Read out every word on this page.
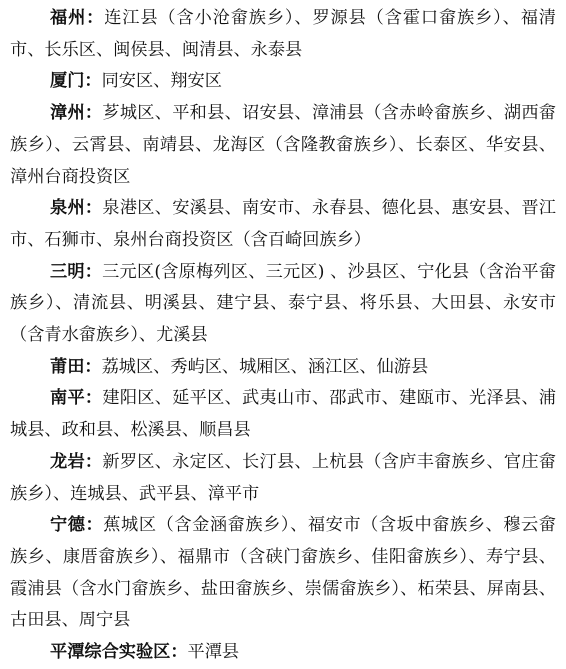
福州：连江县（含小沧畲族乡）、罗源县（含霍口畲族乡）、福清市、长乐区、闽侯县、闽清县、永泰县

厦门：同安区、翔安区

漳州：芗城区、平和县、诏安县、漳浦县（含赤岭畲族乡、湖西畲族乡）、云霄县、南靖县、龙海区（含隆教畲族乡）、长泰区、华安县、漳州台商投资区

泉州：泉港区、安溪县、南安市、永春县、德化县、惠安县、晋江市、石狮市、泉州台商投资区（含百崎回族乡）

三明：三元区(含原梅列区、三元区) 、沙县区、宁化县（含治平畲族乡）、清流县、明溪县、建宁县、泰宁县、将乐县、大田县、永安市（含青水畲族乡）、尤溪县

莆田：荔城区、秀屿区、城厢区、涵江区、仙游县

南平：建阳区、延平区、武夷山市、邵武市、建瓯市、光泽县、浦城县、政和县、松溪县、顺昌县

龙岩：新罗区、永定区、长汀县、上杭县（含庐丰畲族乡、官庄畲族乡）、连城县、武平县、漳平市

宁德：蕉城区（含金涵畲族乡）、福安市（含坂中畲族乡、穆云畲族乡、康厝畲族乡）、福鼎市（含硖门畲族乡、佳阳畲族乡）、寿宁县、霞浦县（含水门畲族乡、盐田畲族乡、崇儒畲族乡）、柘荣县、屏南县、古田县、周宁县

平潭综合实验区：平潭县
